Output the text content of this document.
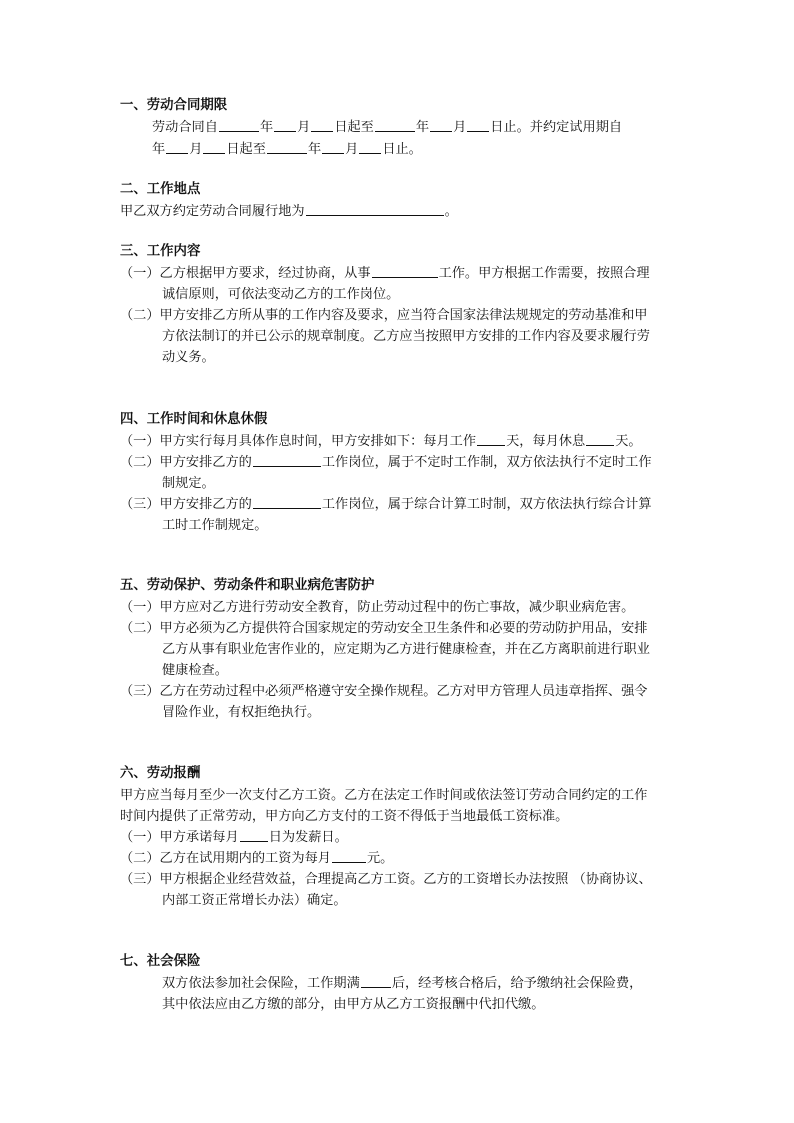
一、劳动合同期限
劳动合同自	年 月 日起至	年 月 日止。并约定试用期自
年 月 日起至	年 月 日止。
二、工作地点
甲乙双方约定劳动合同履行地为	。
三、工作内容
（一）乙方根据甲方要求，经过协商，从事	工作。甲方根据工作需要，按照合理
诚信原则，可依法变动乙方的工作岗位。
（二）甲方安排乙方所从事的工作内容及要求，应当符合国家法律法规规定的劳动基准和甲
方依法制订的并已公示的规章制度。乙方应当按照甲方安排的工作内容及要求履行劳
动义务。
四、工作时间和休息休假
（一）甲方实行每月具体作息时间，甲方安排如下：每月工作 天，每月休息 天。
（二）甲方安排乙方的	工作岗位，属于不定时工作制，双方依法执行不定时工作
制规定。
（三）甲方安排乙方的	工作岗位，属于综合计算工时制，双方依法执行综合计算
工时工作制规定。
五、劳动保护、劳动条件和职业病危害防护
（一）甲方应对乙方进行劳动安全教育，防止劳动过程中的伤亡事故，减少职业病危害。
（二）甲方必须为乙方提供符合国家规定的劳动安全卫生条件和必要的劳动防护用品，安排
乙方从事有职业危害作业的，应定期为乙方进行健康检查，并在乙方离职前进行职业
健康检查。
（三）乙方在劳动过程中必须严格遵守安全操作规程。乙方对甲方管理人员违章指挥、强令
冒险作业，有权拒绝执行。
六、劳动报酬
甲方应当每月至少一次支付乙方工资。乙方在法定工作时间或依法签订劳动合同约定的工作
时间内提供了正常劳动，甲方向乙方支付的工资不得低于当地最低工资标准。
（一）甲方承诺每月 日为发薪日。
（二）乙方在试用期内的工资为每月	元。
（三）甲方根据企业经营效益，合理提高乙方工资。乙方的工资增长办法按照 （协商协议、
内部工资正常增长办法）确定。
七、社会保险
双方依法参加社会保险，工作期满 后，经考核合格后，给予缴纳社会保险费，
其中依法应由乙方缴的部分，由甲方从乙方工资报酬中代扣代缴。
